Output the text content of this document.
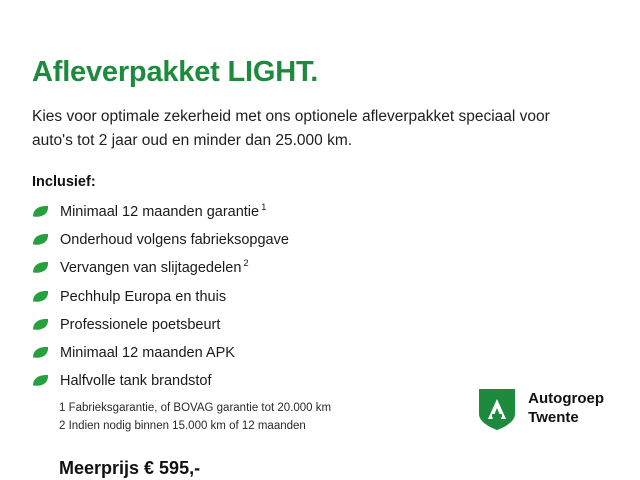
Afleverpakket LIGHT.

Kies voor optimale zekerheid met ons optionele afleverpakket speciaal voor auto's tot 2 jaar oud en minder dan 25.000 km.

Inclusief:
Minimaal 12 maanden garantie $^1$
Onderhoud volgens fabrieksopgave
Vervangen van slijtagedelen $^2$
Pechhulp Europa en thuis
Professionele poetsbeurt
Minimaal 12 maanden APK
Halfvolle tank brandstof
1 Fabrieksgarantie, of BOVAG garantie tot 20.000 km
2 Indien nodig binnen 15.000 km of 12 maanden
Meerprijs € 595,-
Autogroep
Twente
